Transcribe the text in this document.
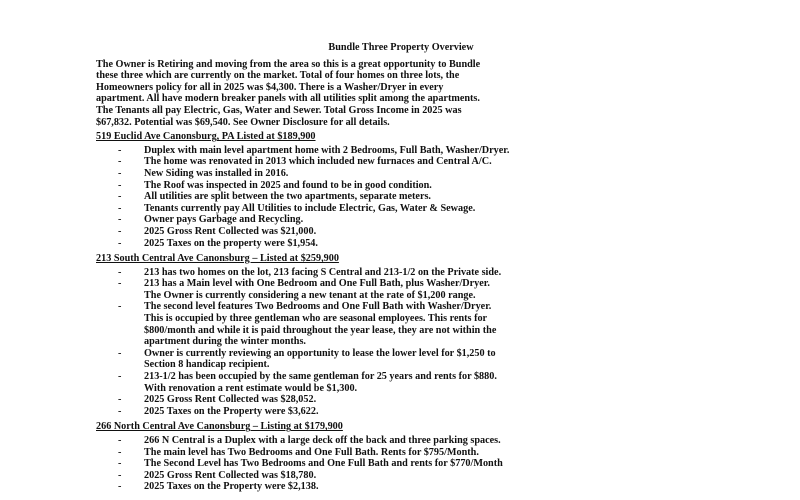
Bundle Three Property Overview

The Owner is Retiring and moving from the area so this is a great opportunity to Bundle

these three which are currently on the market. Total of four homes on three lots, the

Homeowners policy for all in 2025 was $4,300. There is a Washer/Dryer in every

apartment. All have modern breaker panels with all utilities split among the apartments.

The Tenants all pay Electric, Gas, Water and Sewer. Total Gross Income in 2025 was

$67,832. Potential was $69,540. See Owner Disclosure for all details.

519 Euclid Ave Canonsburg, PA Listed at $189,900
- Duplex with main level apartment home with 2 Bedrooms, Full Bath, Washer/Dryer.
- The home was renovated in 2013 which included new furnaces and Central A/C.
- New Siding was installed in 2016.
- The Roof was inspected in 2025 and found to be in good condition.
- All utilities are split between the two apartments, separate meters.
- Tenants currently pay All Utilities to include Electric, Gas, Water & Sewage.
- Owner pays Garbage and Recycling.
- 2025 Gross Rent Collected was $21,000.
- 2025 Taxes on the property were $1,954.
213 South Central Ave Canonsburg – Listed at $259,900
- 213 has two homes on the lot, 213 facing S Central and 213-1/2 on the Private side.
- 213 has a Main level with One Bedroom and One Full Bath, plus Washer/Dryer.
The Owner is currently considering a new tenant at the rate of $1,200 range.
- The second level features Two Bedrooms and One Full Bath with Washer/Dryer.
This is occupied by three gentleman who are seasonal employees. This rents for
$800/month and while it is paid throughout the year lease, they are not within the
apartment during the winter months.
- Owner is currently reviewing an opportunity to lease the lower level for $1,250 to
Section 8 handicap recipient.
- 213-1/2 has been occupied by the same gentleman for 25 years and rents for $880.
With renovation a rent estimate would be $1,300.
- 2025 Gross Rent Collected was $28,052.
- 2025 Taxes on the Property were $3,622.
266 North Central Ave Canonsburg – Listing at $179,900
- 266 N Central is a Duplex with a large deck off the back and three parking spaces.
- The main level has Two Bedrooms and One Full Bath. Rents for $795/Month.
- The Second Level has Two Bedrooms and One Full Bath and rents for $770/Month
- 2025 Gross Rent Collected was $18,780.
- 2025 Taxes on the Property were $2,138.
